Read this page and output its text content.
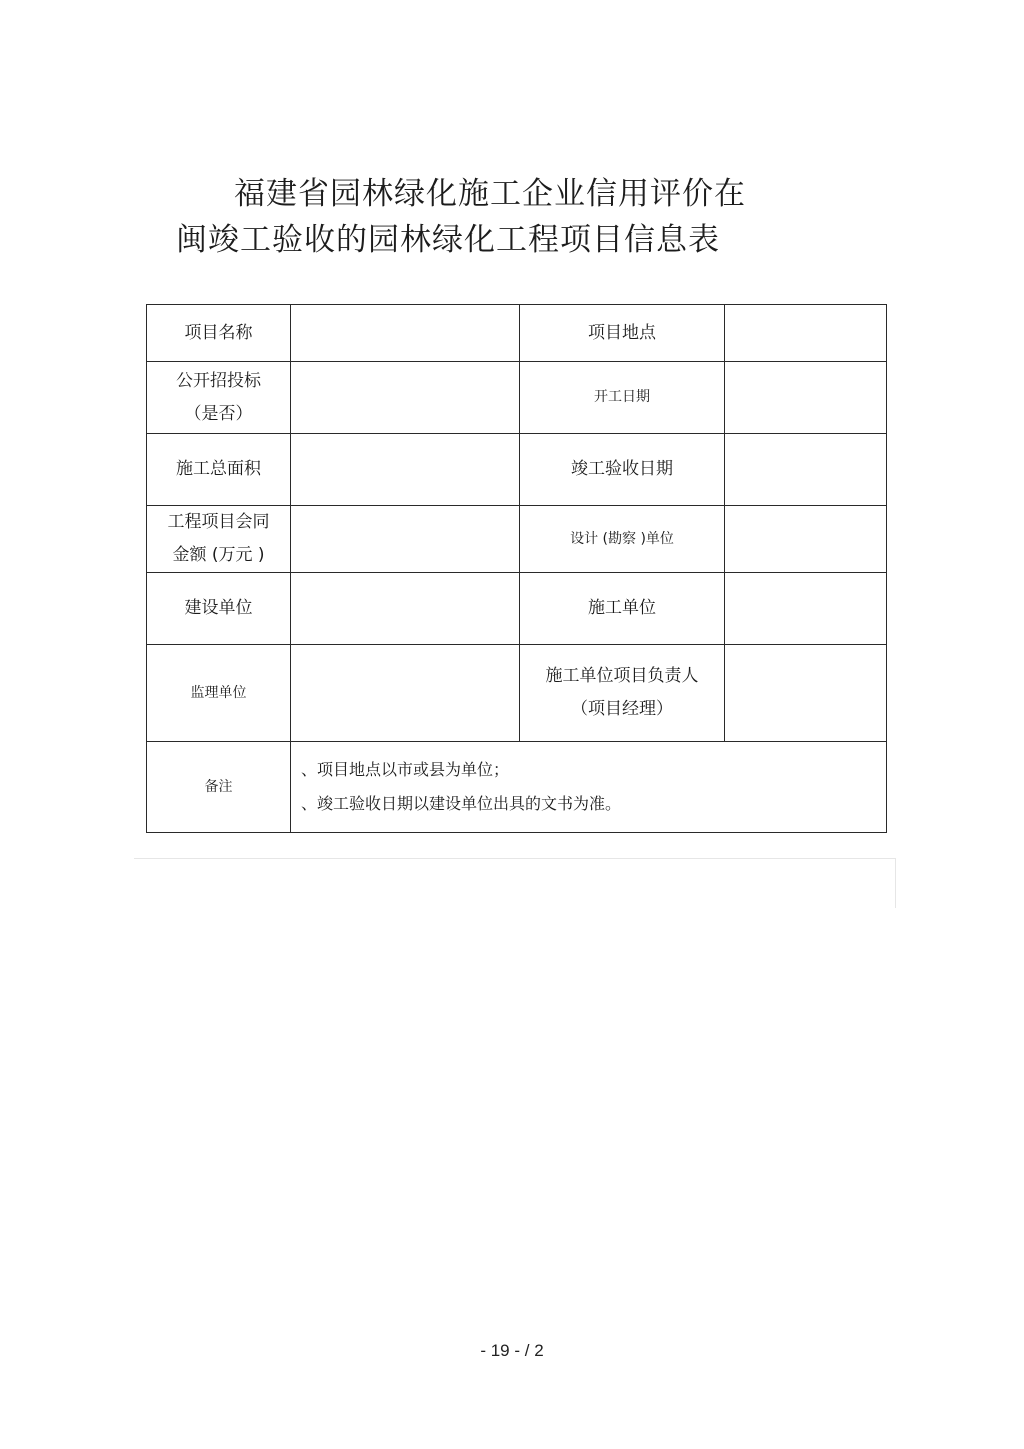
福建省园林绿化施工企业信用评价在
闽竣工验收的园林绿化工程项目信息表
项目名称		项目地点	

公开招投标
（是否）		开工日期	

施工总面积		竣工验收日期	

工程项目会同
金额 (万元 )		设计 (勘察 )单位	

建设单位		施工单位	

监理单位		施工单位项目负责人
（项目经理）	

备注	、项目地点以市或县为单位；
、竣工验收日期以建设单位出具的文书为准。		
- 19 - / 2
